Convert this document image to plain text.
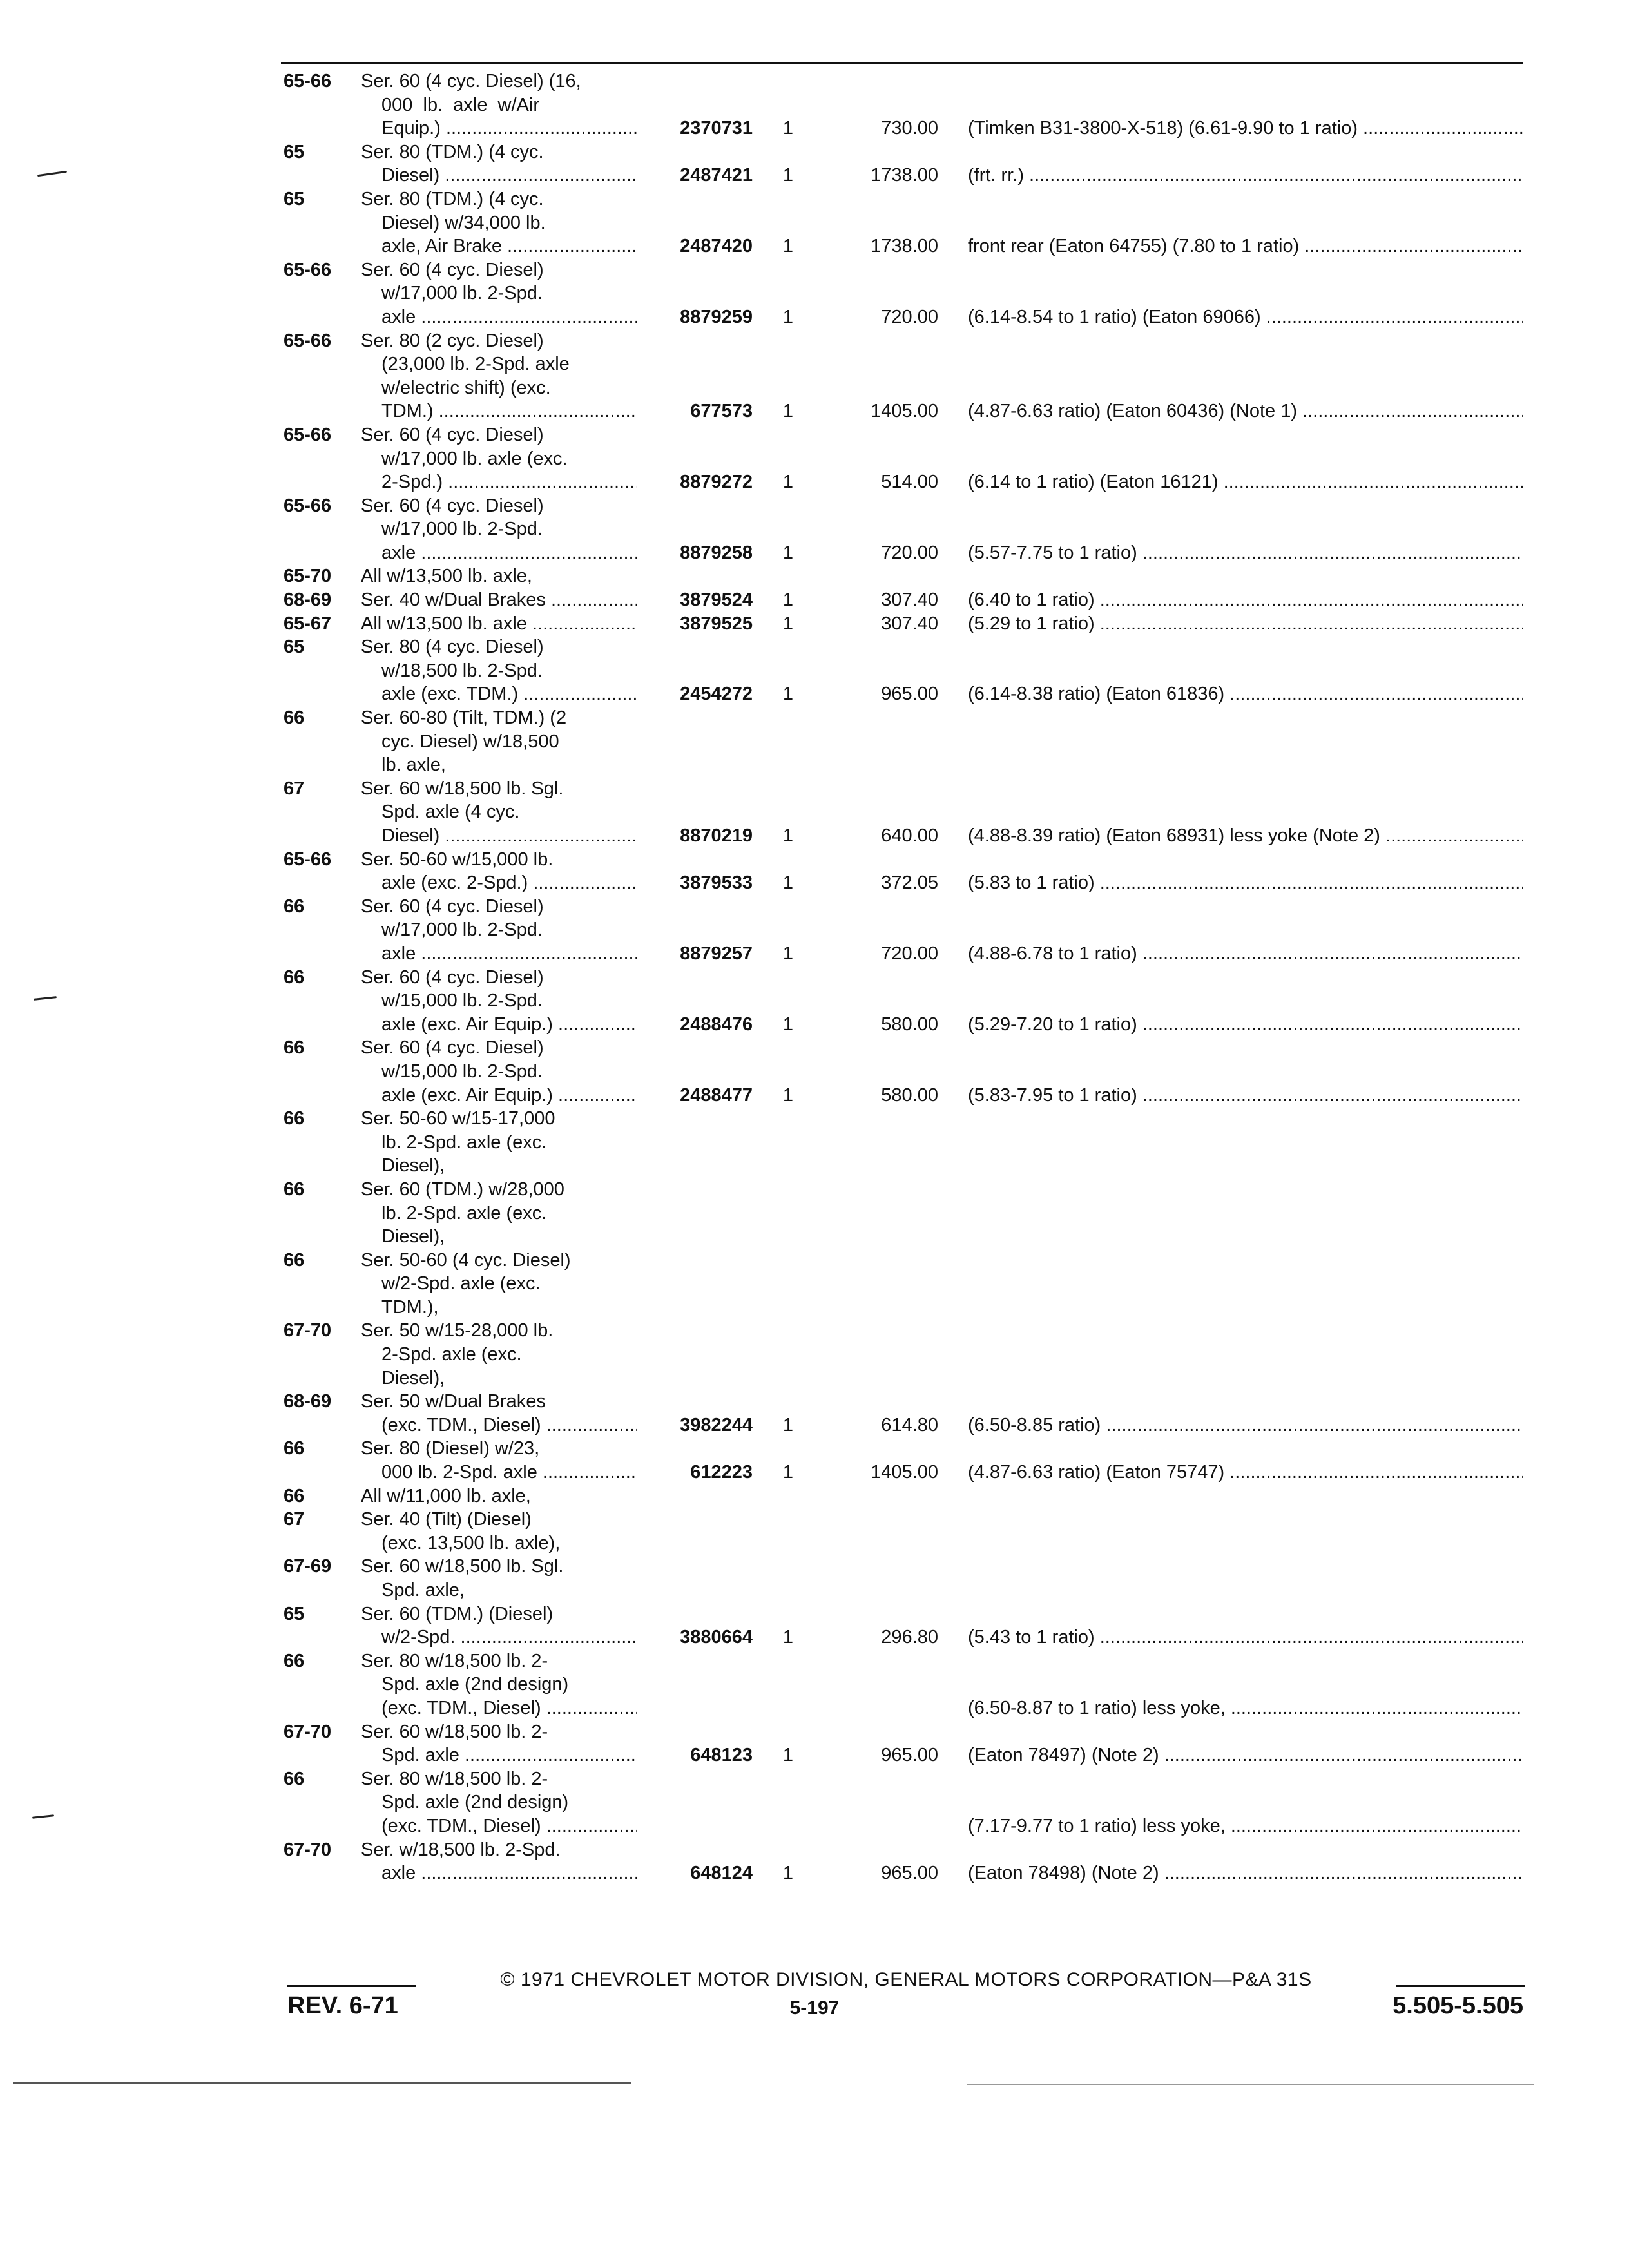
65-66	Ser. 60 (4 cyc. Diesel) (16,
000  lb.  axle  w/Air
Equip.) .....	2370731	1	730.00 (Timken B31-3800-X-518) (6.61-9.90 to 1 ratio) .....
65	Ser. 80 (TDM.) (4 cyc.
Diesel) .....	2487421	1	1738.00 (frt. rr.) .....
65	Ser. 80 (TDM.) (4 cyc.
Diesel) w/34,000 lb.
axle, Air Brake .....	2487420	1	1738.00 front rear (Eaton 64755) (7.80 to 1 ratio) .....
65-66	Ser. 60 (4 cyc. Diesel)
w/17,000 lb. 2-Spd.
axle .....	8879259	1	720.00 (6.14-8.54 to 1 ratio) (Eaton 69066) .....
65-66	Ser. 80 (2 cyc. Diesel)
(23,000 lb. 2-Spd. axle
w/electric shift) (exc.
TDM.) .....	677573	1	1405.00 (4.87-6.63 ratio) (Eaton 60436) (Note 1) .....
65-66	Ser. 60 (4 cyc. Diesel)
w/17,000 lb. axle (exc.
2-Spd.) .....	8879272	1	514.00 (6.14 to 1 ratio) (Eaton 16121) .....
65-66	Ser. 60 (4 cyc. Diesel)
w/17,000 lb. 2-Spd.
axle .....	8879258	1	720.00 (5.57-7.75 to 1 ratio) .....
65-70	All w/13,500 lb. axle,
68-69	Ser. 40 w/Dual Brakes .....	3879524	1	307.40 (6.40 to 1 ratio) .....
65-67	All w/13,500 lb. axle .....	3879525	1	307.40 (5.29 to 1 ratio) .....
65	Ser. 80 (4 cyc. Diesel)
w/18,500 lb. 2-Spd.
axle (exc. TDM.) .....	2454272	1	965.00 (6.14-8.38 ratio) (Eaton 61836) .....
66	Ser. 60-80 (Tilt, TDM.) (2
cyc. Diesel) w/18,500
lb. axle,
67	Ser. 60 w/18,500 lb. Sgl.
Spd. axle (4 cyc.
Diesel) .....	8870219	1	640.00 (4.88-8.39 ratio) (Eaton 68931) less yoke (Note 2) .....
65-66	Ser. 50-60 w/15,000 lb.
axle (exc. 2-Spd.) .....	3879533	1	372.05 (5.83 to 1 ratio) .....
66	Ser. 60 (4 cyc. Diesel)
w/17,000 lb. 2-Spd.
axle .....	8879257	1	720.00 (4.88-6.78 to 1 ratio) .....
66	Ser. 60 (4 cyc. Diesel)
w/15,000 lb. 2-Spd.
axle (exc. Air Equip.) .....	2488476	1	580.00 (5.29-7.20 to 1 ratio) .....
66	Ser. 60 (4 cyc. Diesel)
w/15,000 lb. 2-Spd.
axle (exc. Air Equip.) .....	2488477	1	580.00 (5.83-7.95 to 1 ratio) .....
66	Ser. 50-60 w/15-17,000
lb. 2-Spd. axle (exc.
Diesel),
66	Ser. 60 (TDM.) w/28,000
lb. 2-Spd. axle (exc.
Diesel),
66	Ser. 50-60 (4 cyc. Diesel)
w/2-Spd. axle (exc.
TDM.),
67-70	Ser. 50 w/15-28,000 lb.
2-Spd. axle (exc.
Diesel),
68-69	Ser. 50 w/Dual Brakes
(exc. TDM., Diesel) .....	3982244	1	614.80 (6.50-8.85 ratio) .....
66	Ser. 80 (Diesel) w/23,
000 lb. 2-Spd. axle .....	612223	1	1405.00 (4.87-6.63 ratio) (Eaton 75747) .....
66	All w/11,000 lb. axle,
67	Ser. 40 (Tilt) (Diesel)
(exc. 13,500 lb. axle),
67-69	Ser. 60 w/18,500 lb. Sgl.
Spd. axle,
65	Ser. 60 (TDM.) (Diesel)
w/2-Spd. .....	3880664	1	296.80 (5.43 to 1 ratio) .....
66	Ser. 80 w/18,500 lb. 2-
Spd. axle (2nd design)
(exc. TDM., Diesel) .....	(6.50-8.87 to 1 ratio) less yoke, .....
67-70	Ser. 60 w/18,500 lb. 2-
Spd. axle .....	648123	1	965.00 (Eaton 78497) (Note 2) .....
66	Ser. 80 w/18,500 lb. 2-
Spd. axle (2nd design)
(exc. TDM., Diesel) .....	(7.17-9.77 to 1 ratio) less yoke, .....
67-70	Ser. w/18,500 lb. 2-Spd.
axle .....	648124	1	965.00 (Eaton 78498) (Note 2) .....
© 1971 CHEVROLET MOTOR DIVISION, GENERAL MOTORS CORPORATION—P&A 31S
REV. 6-71	5-197	5.505-5.505
